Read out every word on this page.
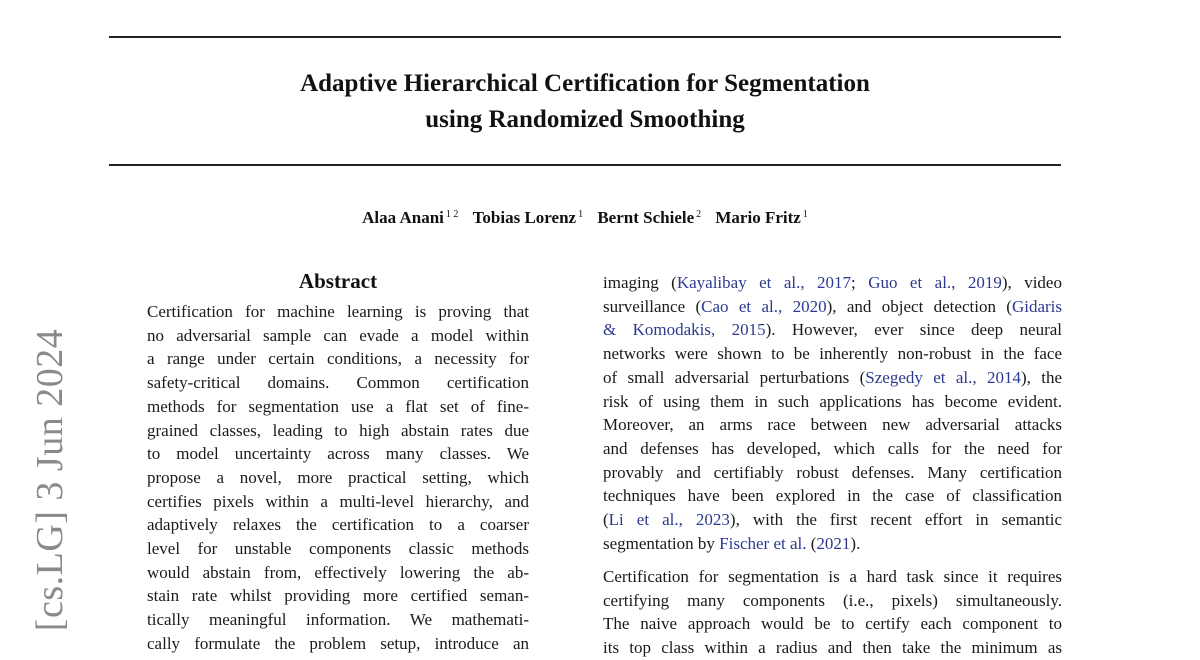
Adaptive Hierarchical Certification for Segmentation
using Randomized Smoothing
Alaa Anani $^{1 2}$ Tobias Lorenz $^1$ Bernt Schiele $^2$ Mario Fritz $^1$
[cs.LG] 3 Jun 2024
Abstract
Certification for machine learning is proving that
no adversarial sample can evade a model within
a range under certain conditions, a necessity for
safety-critical domains. Common certification
methods for segmentation use a flat set of fine-
grained classes, leading to high abstain rates due
to model uncertainty across many classes. We
propose a novel, more practical setting, which
certifies pixels within a multi-level hierarchy, and
adaptively relaxes the certification to a coarser
level for unstable components classic methods
would abstain from, effectively lowering the ab-
stain rate whilst providing more certified seman-
tically meaningful information. We mathemati-
cally formulate the problem setup, introduce an
imaging (Kayalibay et al., 2017; Guo et al., 2019), video
surveillance (Cao et al., 2020), and object detection (Gidaris
& Komodakis, 2015). However, ever since deep neural
networks were shown to be inherently non-robust in the face
of small adversarial perturbations (Szegedy et al., 2014), the
risk of using them in such applications has become evident.
Moreover, an arms race between new adversarial attacks
and defenses has developed, which calls for the need for
provably and certifiably robust defenses. Many certification
techniques have been explored in the case of classification
(Li et al., 2023), with the first recent effort in semantic
segmentation by Fischer et al. (2021).
Certification for segmentation is a hard task since it requires
certifying many components (i.e., pixels) simultaneously.
The naive approach would be to certify each component to
its top class within a radius and then take the minimum as
